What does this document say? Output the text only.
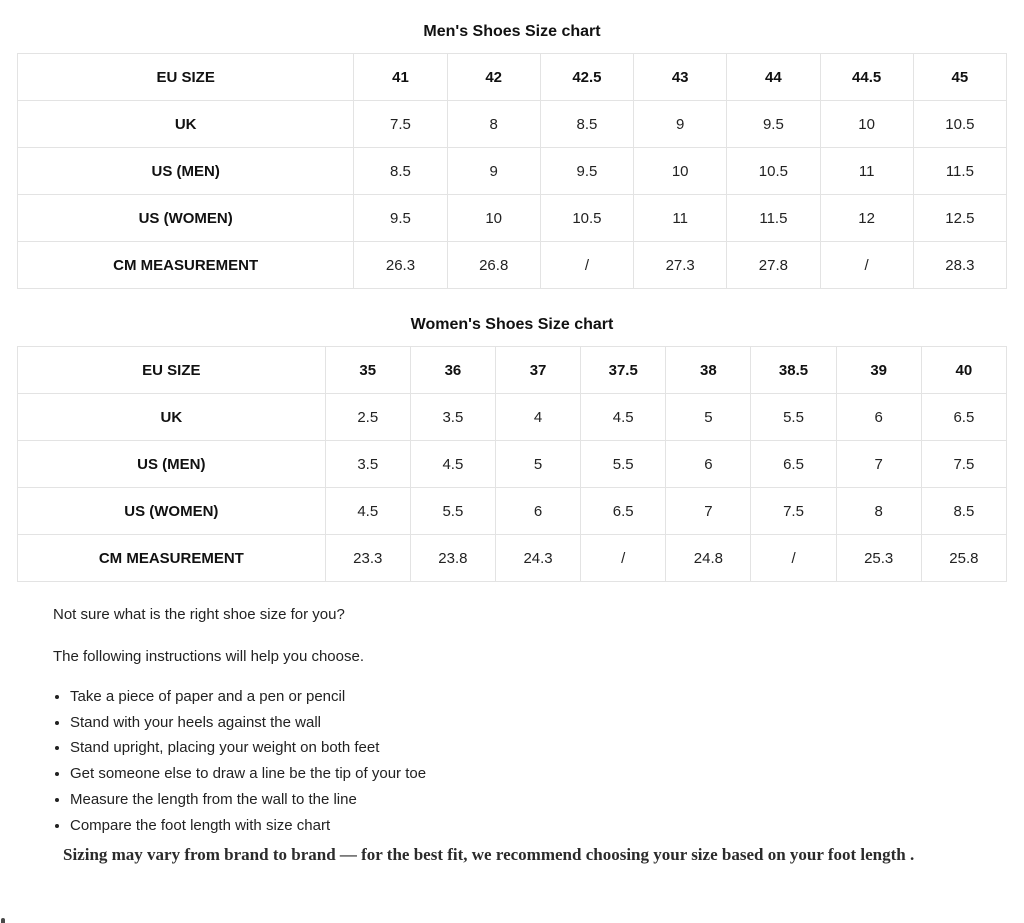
Men's Shoes Size chart
EU SIZE	41	42	42.5	43	44	44.5	45
UK	7.5	8	8.5	9	9.5	10	10.5
US (MEN)	8.5	9	9.5	10	10.5	11	11.5
US (WOMEN)	9.5	10	10.5	11	11.5	12	12.5
CM MEASUREMENT	26.3	26.8	/	27.3	27.8	/	28.3
Women's Shoes Size chart
EU SIZE	35	36	37	37.5	38	38.5	39	40
UK	2.5	3.5	4	4.5	5	5.5	6	6.5
US (MEN)	3.5	4.5	5	5.5	6	6.5	7	7.5
US (WOMEN)	4.5	5.5	6	6.5	7	7.5	8	8.5
CM MEASUREMENT	23.3	23.8	24.3	/	24.8	/	25.3	25.8

Not sure what is the right shoe size for you?

The following instructions will help you choose.

• Take a piece of paper and a pen or pencil
• Stand with your heels against the wall
• Stand upright, placing your weight on both feet
• Get someone else to draw a line be the tip of your toe
• Measure the length from the wall to the line
• Compare the foot length with size chart

Sizing may vary from brand to brand — for the best fit, we recommend choosing your size based on your foot length .
